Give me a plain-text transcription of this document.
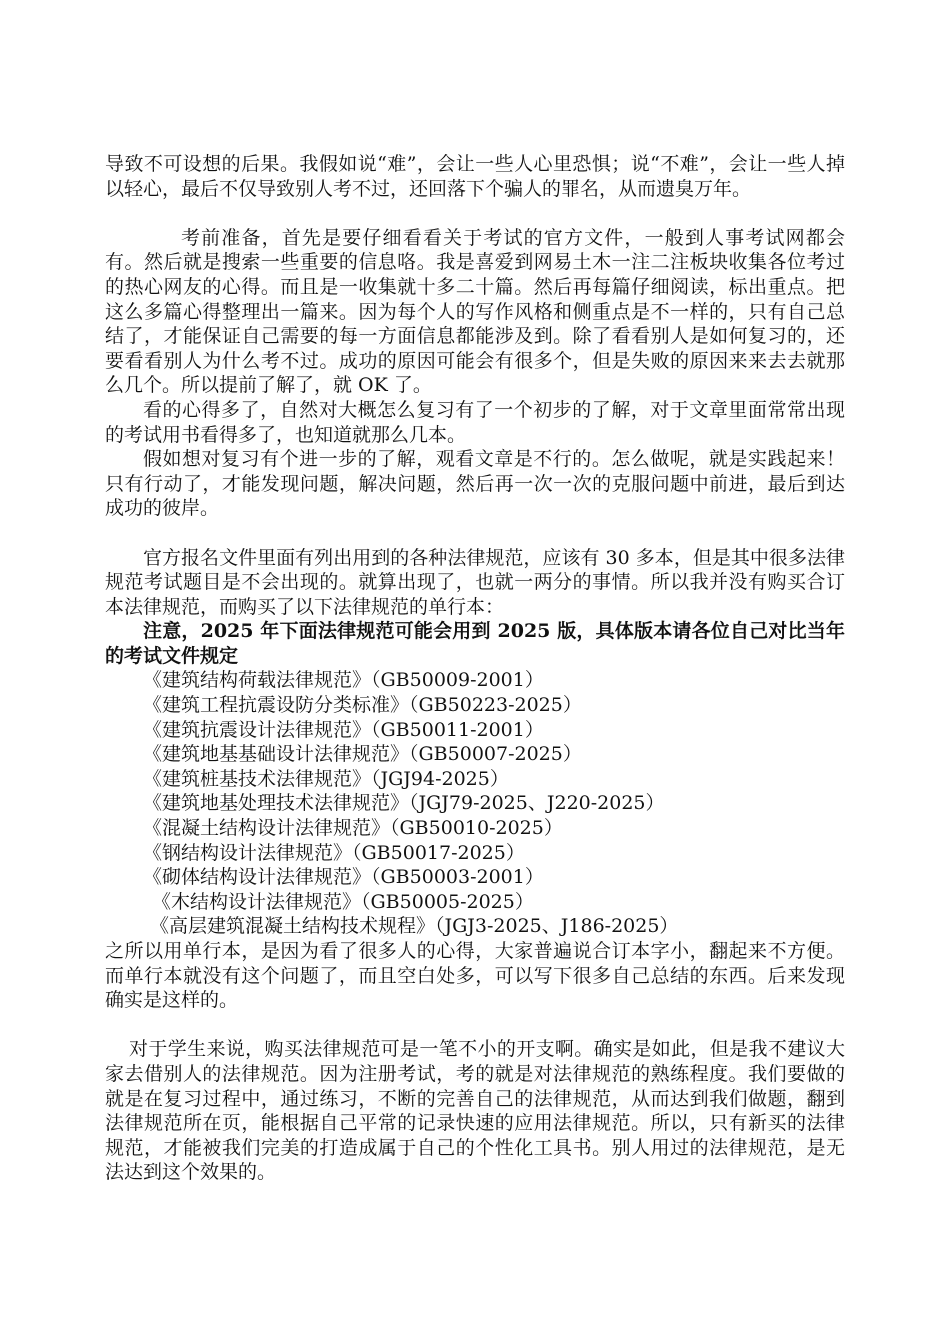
导致不可设想的后果。我假如说“难”，会让一些人心里恐惧；说“不难”，会让一些人掉以轻心，最后不仅导致别人考不过，还回落下个骗人的罪名，从而遗臭万年。

考前准备，首先是要仔细看看关于考试的官方文件，一般到人事考试网都会有。然后就是搜索一些重要的信息咯。我是喜爱到网易土木一注二注板块收集各位考过的热心网友的心得。而且是一收集就十多二十篇。然后再每篇仔细阅读，标出重点。把这么多篇心得整理出一篇来。因为每个人的写作风格和侧重点是不一样的，只有自己总结了，才能保证自己需要的每一方面信息都能涉及到。除了看看别人是如何复习的，还要看看别人为什么考不过。成功的原因可能会有很多个，但是失败的原因来来去去就那么几个。所以提前了解了，就 OK 了。

看的心得多了，自然对大概怎么复习有了一个初步的了解，对于文章里面常常出现的考试用书看得多了，也知道就那么几本。

假如想对复习有个进一步的了解，观看文章是不行的。怎么做呢，就是实践起来！只有行动了，才能发现问题，解决问题，然后再一次一次的克服问题中前进，最后到达成功的彼岸。

官方报名文件里面有列出用到的各种法律规范，应该有 30 多本，但是其中很多法律规范考试题目是不会出现的。就算出现了，也就一两分的事情。所以我并没有购买合订本法律规范，而购买了以下法律规范的单行本：

注意，2025 年下面法律规范可能会用到 2025 版，具体版本请各位自己对比当年的考试文件规定

《建筑结构荷载法律规范》（GB50009-2001）
《建筑工程抗震设防分类标准》（GB50223-2025）
《建筑抗震设计法律规范》（GB50011-2001）
《建筑地基基础设计法律规范》（GB50007-2025）
《建筑桩基技术法律规范》（JGJ94-2025）
《建筑地基处理技术法律规范》（JGJ79-2025、J220-2025）
《混凝土结构设计法律规范》（GB50010-2025）
《钢结构设计法律规范》（GB50017-2025）
《砌体结构设计法律规范》（GB50003-2001）
《木结构设计法律规范》（GB50005-2025）
《高层建筑混凝土结构技术规程》（JGJ3-2025、J186-2025）

之所以用单行本，是因为看了很多人的心得，大家普遍说合订本字小，翻起来不方便。而单行本就没有这个问题了，而且空白处多，可以写下很多自己总结的东西。后来发现确实是这样的。

对于学生来说，购买法律规范可是一笔不小的开支啊。确实是如此，但是我不建议大家去借别人的法律规范。因为注册考试，考的就是对法律规范的熟练程度。我们要做的就是在复习过程中，通过练习，不断的完善自己的法律规范，从而达到我们做题，翻到法律规范所在页，能根据自己平常的记录快速的应用法律规范。所以，只有新买的法律规范，才能被我们完美的打造成属于自己的个性化工具书。别人用过的法律规范，是无法达到这个效果的。
